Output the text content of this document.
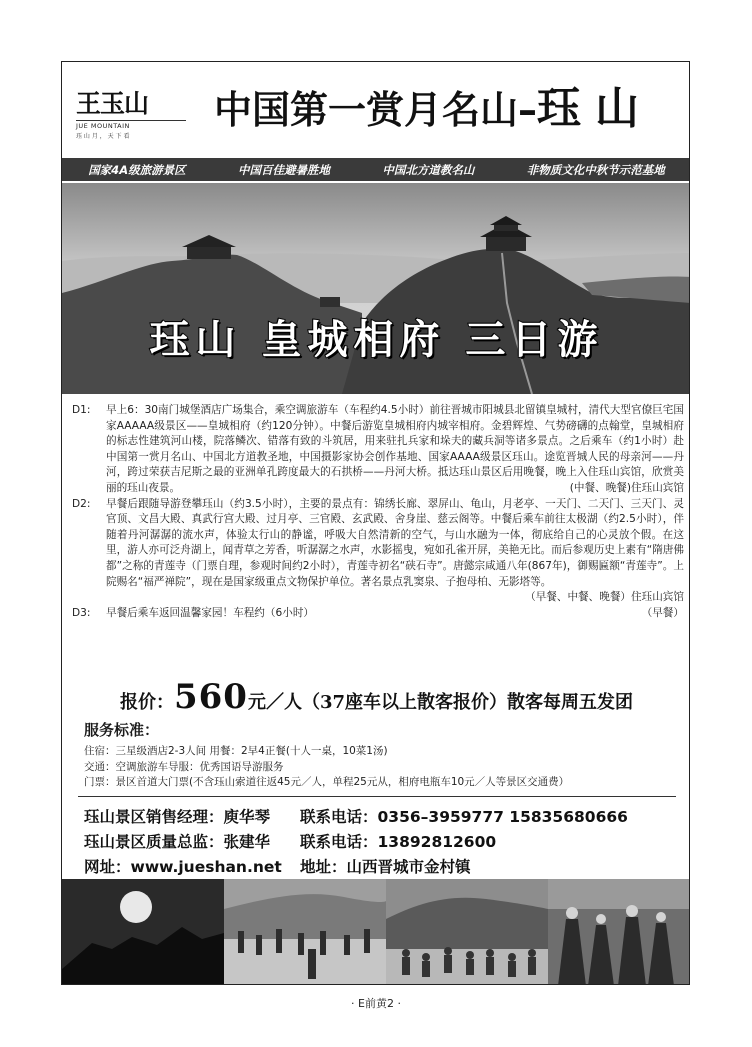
王玉山
JUE MOUNTAIN
珏 山 月 ， 天 下 看
中国第一赏月名山–珏山
国家4A级旅游景区	中国百佳避暑胜地	中国北方道教名山	非物质文化中秋节示范基地
珏山 皇城相府 三日游
D1:	早上6：30南门城堡酒店广场集合，乘空调旅游车（车程约4.5小时）前往晋城市阳城县北留镇皇城村，清代大型官僚巨宅国家AAAAA级景区——皇城相府（约120分钟）。中餐后游览皇城相府内城宰相府。金碧辉煌、气势磅礴的点翰堂，皇城相府的标志性建筑河山楼，院落鳞次、错落有致的斗筑居，用来驻扎兵家和垛夫的藏兵洞等诸多景点。之后乘车（约1小时）赴中国第一赏月名山、中国北方道教圣地，中国摄影家协会创作基地、国家AAAA级景区珏山。途览晋城人民的母亲河——丹河，跨过荣获吉尼斯之最的亚洲单孔跨度最大的石拱桥——丹河大桥。抵达珏山景区后用晚餐，晚上入住珏山宾馆，欣赏美丽的珏山夜景。	(中餐、晚餐)住珏山宾馆
D2:	早餐后跟随导游登攀珏山（约3.5小时），主要的景点有：锦绣长廊、翠屏山、龟山，月老亭、一天门、二天门、三天门、灵官顶、文昌大殿、真武行宫大殿、过月亭、三官殿、玄武殿、舍身崖、慈云阁等。中餐后乘车前往太极湖（约2.5小时），伴随着丹河潺潺的流水声，体验太行山的静谧，呼吸大自然清新的空气，与山水融为一体，彻底给自己的心灵放个假。在这里，游人亦可泛舟湖上，闻青草之芳香，听潺潺之水声，水影摇曳，宛如孔雀开屏，美艳无比。而后参观历史上素有“隋唐佛都”之称的青莲寺（门票自理，参观时间约2小时），青莲寺初名“硖石寺”。唐懿宗咸通八年(867年)，御赐匾额“青莲寺”。上院赐名“福严禅院”，现在是国家级重点文物保护单位。著名景点乳窦泉、子抱母柏、无影塔等。
（早餐、中餐、晚餐）住珏山宾馆
D3:	早餐后乘车返回温馨家园！车程约（6小时）	（早餐）
报价：560元／人（37座车以上散客报价）散客每周五发团
服务标准：
住宿：三星级酒店2-3人间 用餐：2早4正餐(十人一桌，10菜1汤)
交通：空调旅游车导服：优秀国语导游服务
门票：景区首道大门票(不含珏山索道往返45元／人，单程25元从，相府电瓶车10元／人等景区交通费）
珏山景区销售经理：庾华琴 联系电话：0356–3959777 15835680666
珏山景区质量总监：张建华 联系电话：13892812600
网址：www.jueshan.net 地址：山西晋城市金村镇
· E前黄2 ·
